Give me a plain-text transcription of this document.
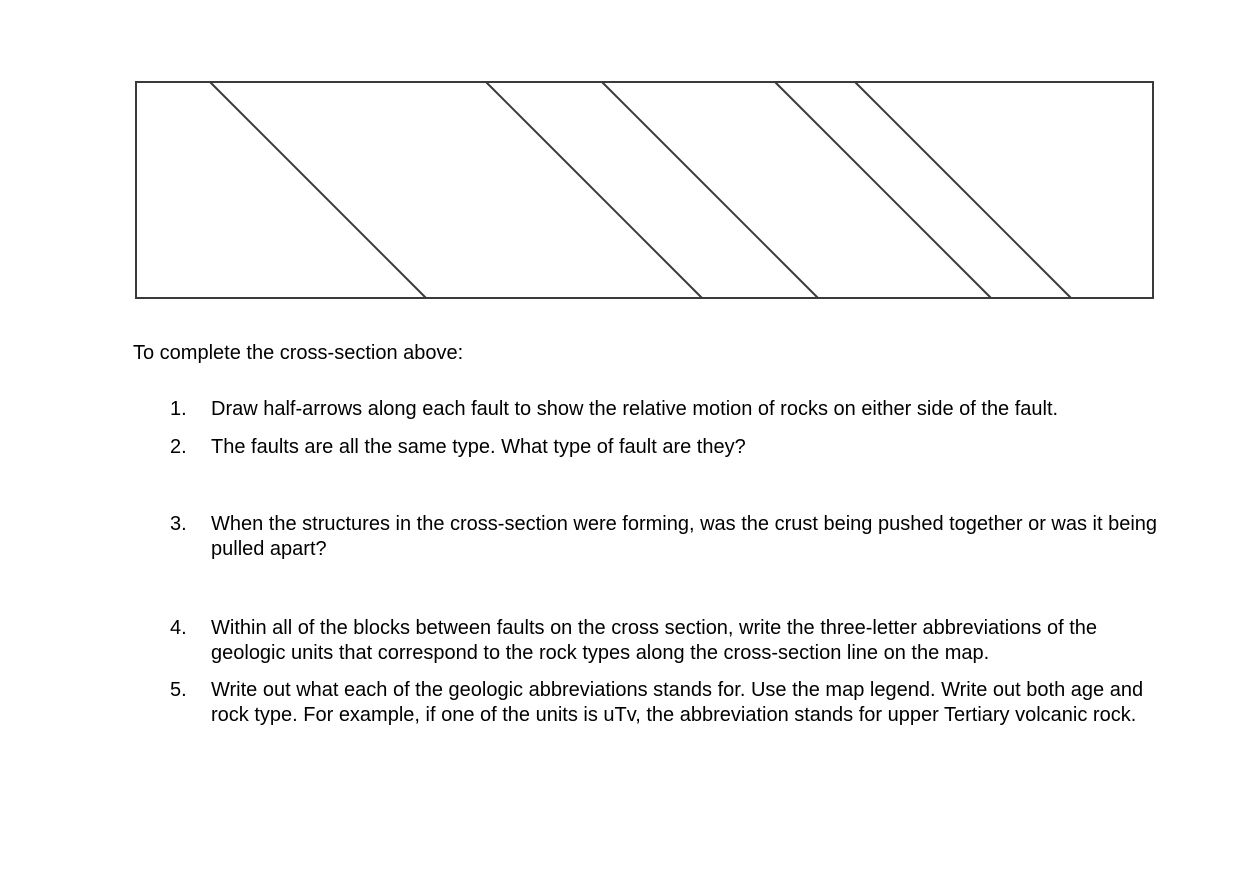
To complete the cross-section above:
1. Draw half-arrows along each fault to show the relative motion of rocks on either side of the fault.
2. The faults are all the same type. What type of fault are they?
3. When the structures in the cross-section were forming, was the crust being pushed together or was it being pulled apart?
4. Within all of the blocks between faults on the cross section, write the three-letter abbreviations of the geologic units that correspond to the rock types along the cross-section line on the map.
5. Write out what each of the geologic abbreviations stands for. Use the map legend. Write out both age and rock type. For example, if one of the units is uTv, the abbreviation stands for upper Tertiary volcanic rock.
